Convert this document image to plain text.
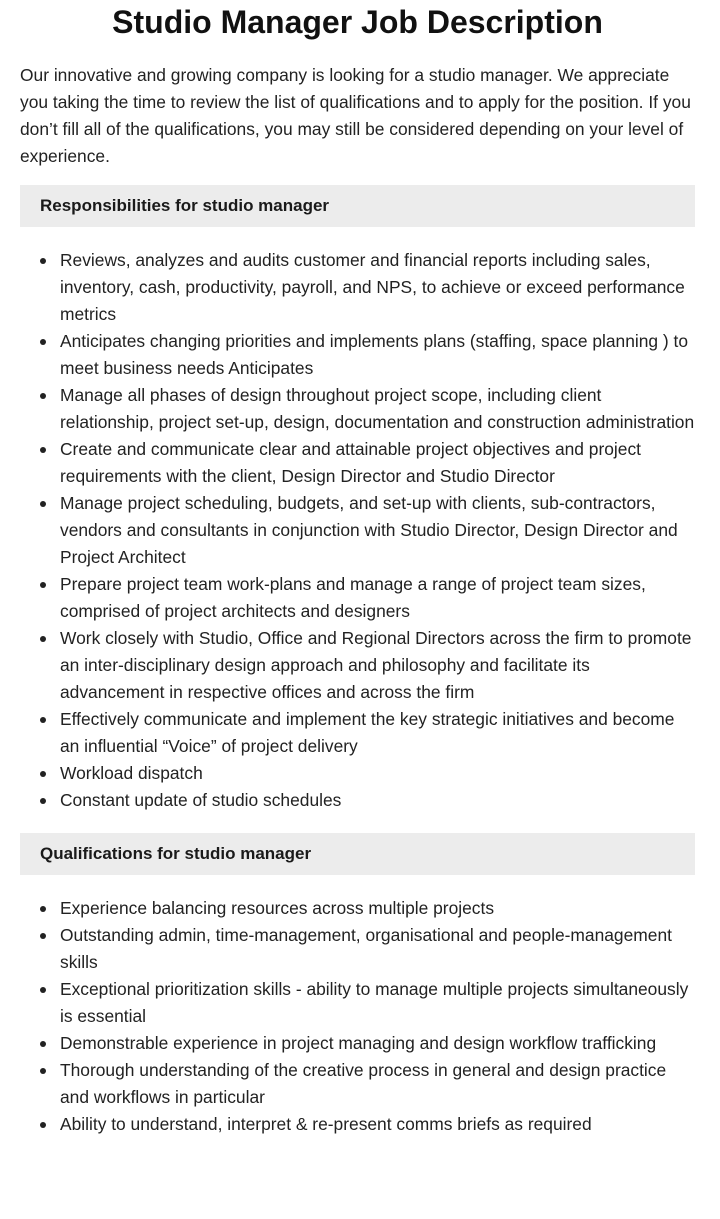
Studio Manager Job Description

Our innovative and growing company is looking for a studio manager. We appreciate you taking the time to review the list of qualifications and to apply for the position. If you don’t fill all of the qualifications, you may still be considered depending on your level of experience.

Responsibilities for studio manager
Reviews, analyzes and audits customer and financial reports including sales, inventory, cash, productivity, payroll, and NPS, to achieve or exceed performance metrics
Anticipates changing priorities and implements plans (staffing, space planning ) to meet business needs Anticipates
Manage all phases of design throughout project scope, including client relationship, project set-up, design, documentation and construction administration
Create and communicate clear and attainable project objectives and project requirements with the client, Design Director and Studio Director
Manage project scheduling, budgets, and set-up with clients, sub-contractors, vendors and consultants in conjunction with Studio Director, Design Director and Project Architect
Prepare project team work-plans and manage a range of project team sizes, comprised of project architects and designers
Work closely with Studio, Office and Regional Directors across the firm to promote an inter-disciplinary design approach and philosophy and facilitate its advancement in respective offices and across the firm
Effectively communicate and implement the key strategic initiatives and become an influential “Voice” of project delivery
Workload dispatch
Constant update of studio schedules
Qualifications for studio manager
Experience balancing resources across multiple projects
Outstanding admin, time-management, organisational and people-management skills
Exceptional prioritization skills - ability to manage multiple projects simultaneously is essential
Demonstrable experience in project managing and design workflow trafficking
Thorough understanding of the creative process in general and design practice and workflows in particular
Ability to understand, interpret & re-present comms briefs as required
